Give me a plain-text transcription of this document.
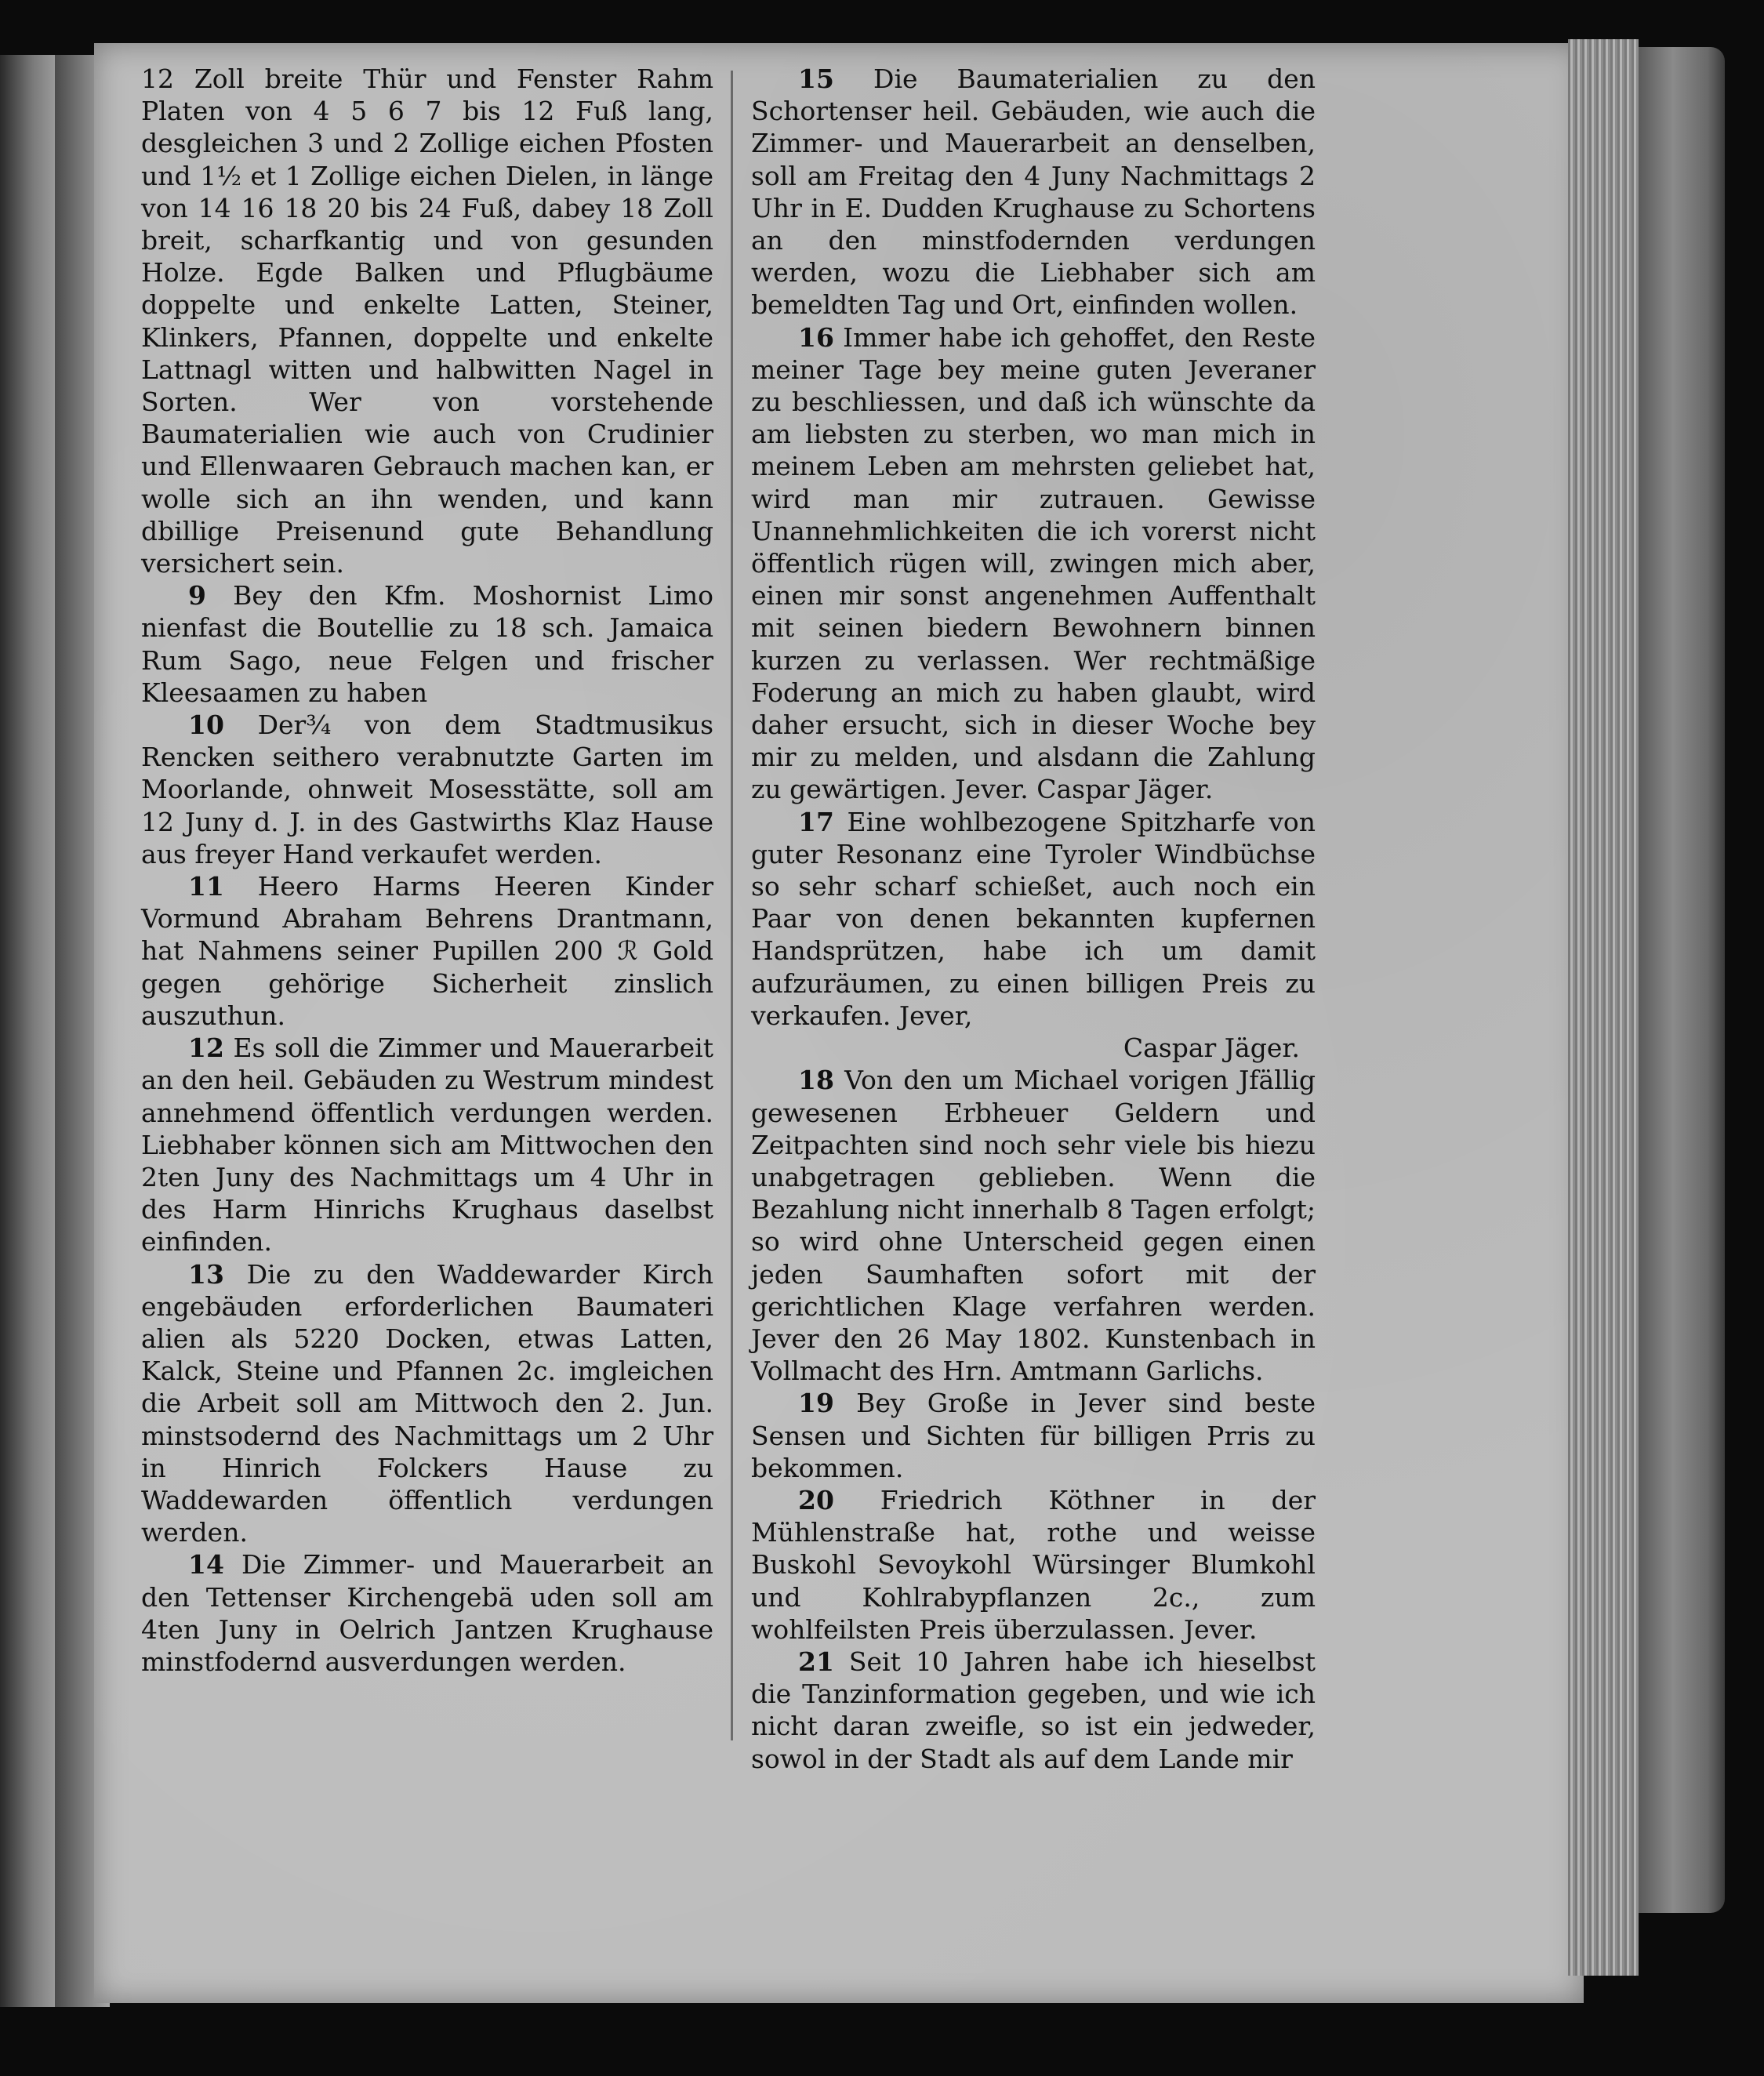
12 Zoll breite Thür und Fenster Rahm Platen von 4 5 6 7 bis 12 Fuß lang, desgleichen 3 und 2 Zollige eichen Pfosten und 1½ et 1 Zollige eichen Dielen, in länge von 14 16 18 20 bis 24 Fuß, dabey 18 Zoll breit, scharfkantig und von gesunden Holze. Egde Balken und Pflugbäume doppelte und enkelte Latten, Steiner, Klinkers, Pfannen, doppelte und enkelte Lattnagl witten und halbwitten Nagel in Sorten. Wer von vorstehende Baumaterialien wie auch von Crudinier und Ellenwaaren Gebrauch machen kan, er wolle sich an ihn wenden, und kann dbillige Preisenund gute Behandlung versichert sein.

9 Bey den Kfm. Moshornist Limo nienfast die Boutellie zu 18 sch. Jamaica Rum Sago, neue Felgen und frischer Kleesaamen zu haben

10 Der¾ von dem Stadtmusikus Rencken seithero verabnutzte Garten im Moorlande, ohnweit Mosesstätte, soll am 12 Juny d. J. in des Gastwirths Klaz Hause aus freyer Hand verkaufet werden.

11 Heero Harms Heeren Kinder Vormund Abraham Behrens Drantmann, hat Nahmens seiner Pupillen 200 ℛ Gold gegen gehörige Sicherheit zinslich auszuthun.

12 Es soll die Zimmer und Mauerarbeit an den heil. Gebäuden zu Westrum mindest annehmend öffentlich verdungen werden. Liebhaber können sich am Mittwochen den 2ten Juny des Nachmittags um 4 Uhr in des Harm Hinrichs Krughaus daselbst einfinden.

13 Die zu den Waddewarder Kirch engebäuden erforderlichen Baumateri alien als 5220 Docken, etwas Latten, Kalck, Steine und Pfannen 2c. imgleichen die Arbeit soll am Mittwoch den 2. Jun. minstsodernd des Nachmittags um 2 Uhr in Hinrich Folckers Hause zu Waddewarden öffentlich verdungen werden.

14 Die Zimmer- und Mauerarbeit an den Tettenser Kirchengebä uden soll am 4ten Juny in Oelrich Jantzen Krughause minstfodernd ausverdungen werden.

15 Die Baumaterialien zu den Schortenser heil. Gebäuden, wie auch die Zimmer- und Mauerarbeit an denselben, soll am Freitag den 4 Juny Nachmittags 2 Uhr in E. Dudden Krughause zu Schortens an den minstfodernden verdungen werden, wozu die Liebhaber sich am bemeldten Tag und Ort, einfinden wollen.

16 Immer habe ich gehoffet, den Reste meiner Tage bey meine guten Jeveraner zu beschliessen, und daß ich wünschte da am liebsten zu sterben, wo man mich in meinem Leben am mehrsten geliebet hat, wird man mir zutrauen. Gewisse Unannehmlichkeiten die ich vorerst nicht öffentlich rügen will, zwingen mich aber, einen mir sonst angenehmen Auffenthalt mit seinen biedern Bewohnern binnen kurzen zu verlassen. Wer rechtmäßige Foderung an mich zu haben glaubt, wird daher ersucht, sich in dieser Woche bey mir zu melden, und alsdann die Zahlung zu gewärtigen. Jever. Caspar Jäger.

17 Eine wohlbezogene Spitzharfe von guter Resonanz eine Tyroler Windbüchse so sehr scharf schießet, auch noch ein Paar von denen bekannten kupfernen Handsprützen, habe ich um damit aufzuräumen, zu einen billigen Preis zu verkaufen. Jever,

Caspar Jäger.

18 Von den um Michael vorigen Jfällig gewesenen Erbheuer Geldern und Zeitpachten sind noch sehr viele bis hiezu unabgetragen geblieben. Wenn die Bezahlung nicht innerhalb 8 Tagen erfolgt; so wird ohne Unterscheid gegen einen jeden Saumhaften sofort mit der gerichtlichen Klage verfahren werden. Jever den 26 May 1802. Kunstenbach in Vollmacht des Hrn. Amtmann Garlichs.

19 Bey Große in Jever sind beste Sensen und Sichten für billigen Prris zu bekommen.

20 Friedrich Köthner in der Mühlenstraße hat, rothe und weisse Buskohl Sevoykohl Würsinger Blumkohl und Kohlrabypflanzen 2c., zum wohlfeilsten Preis überzulassen. Jever.

21 Seit 10 Jahren habe ich hieselbst die Tanzinformation gegeben, und wie ich nicht daran zweifle, so ist ein jedweder, sowol in der Stadt als auf dem Lande mir
